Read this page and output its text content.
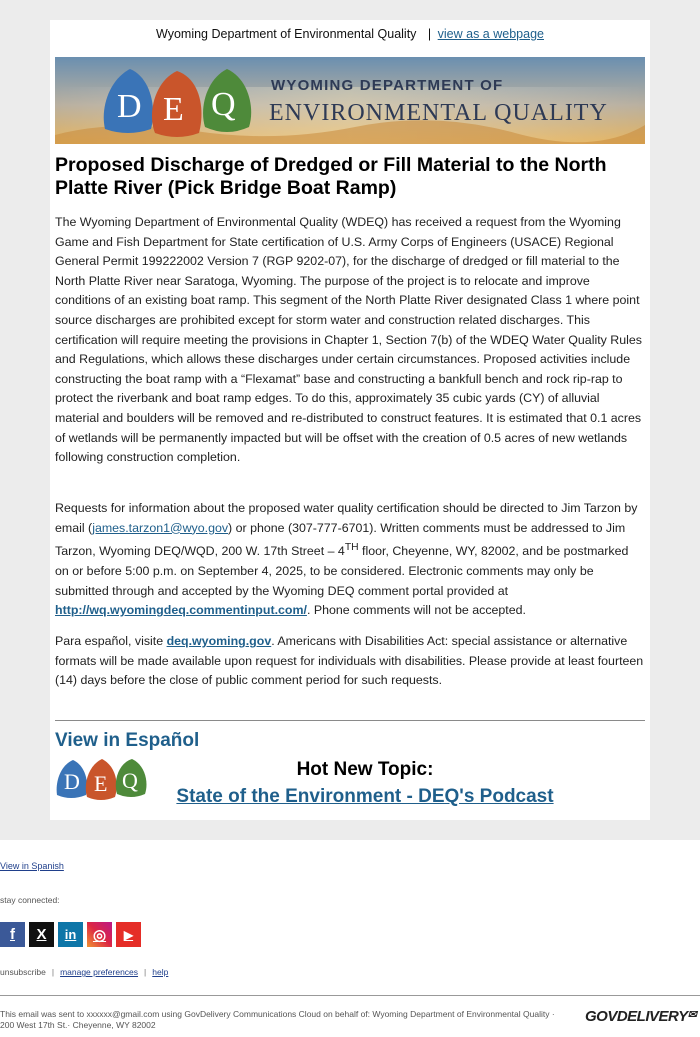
Wyoming Department of Environmental Quality | view as a webpage
D E Q
WYOMING DEPARTMENT OF
ENVIRONMENTAL QUALITY
Proposed Discharge of Dredged or Fill Material to the North Platte River (Pick Bridge Boat Ramp)

The Wyoming Department of Environmental Quality (WDEQ) has received a request from the Wyoming Game and Fish Department for State certification of U.S. Army Corps of Engineers (USACE) Regional General Permit 199222002 Version 7 (RGP 9202-07), for the discharge of dredged or fill material to the North Platte River near Saratoga, Wyoming. The purpose of the project is to relocate and improve conditions of an existing boat ramp. This segment of the North Platte River designated Class 1 where point source discharges are prohibited except for storm water and construction related discharges. This certification will require meeting the provisions in Chapter 1, Section 7(b) of the WDEQ Water Quality Rules and Regulations, which allows these discharges under certain circumstances. Proposed activities include constructing the boat ramp with a “Flexamat” base and constructing a bankfull bench and rock rip-rap to protect the riverbank and boat ramp edges. To do this, approximately 35 cubic yards (CY) of alluvial material and boulders will be removed and re-distributed to construct features. It is estimated that 0.1 acres of wetlands will be permanently impacted but will be offset with the creation of 0.5 acres of new wetlands following construction completion.

Requests for information about the proposed water quality certification should be directed to Jim Tarzon by email (james.tarzon1@wyo.gov) or phone (307-777-6701). Written comments must be addressed to Jim Tarzon, Wyoming DEQ/WQD, 200 W. 17th Street – 4TH floor, Cheyenne, WY, 82002, and be postmarked on or before 5:00 p.m. on September 4, 2025, to be considered. Electronic comments may only be submitted through and accepted by the Wyoming DEQ comment portal provided at http://wq.wyomingdeq.commentinput.com/. Phone comments will not be accepted.

Para español, visite deq.wyoming.gov. Americans with Disabilities Act: special assistance or alternative formats will be made available upon request for individuals with disabilities. Please provide at least fourteen (14) days before the close of public comment period for such requests.

View in Español
D E Q	Hot New Topic:
State of the Environment - DEQ's Podcast
View in Spanish
stay connected:
f	X	in	◎	▶
unsubscribe | manage preferences | help
This email was sent to xxxxxx@gmail.com using GovDelivery Communications Cloud on behalf of: Wyoming Department of Environmental Quality · 200 West 17th St.· Cheyenne, WY 82002	GOVDELIVERY✉
